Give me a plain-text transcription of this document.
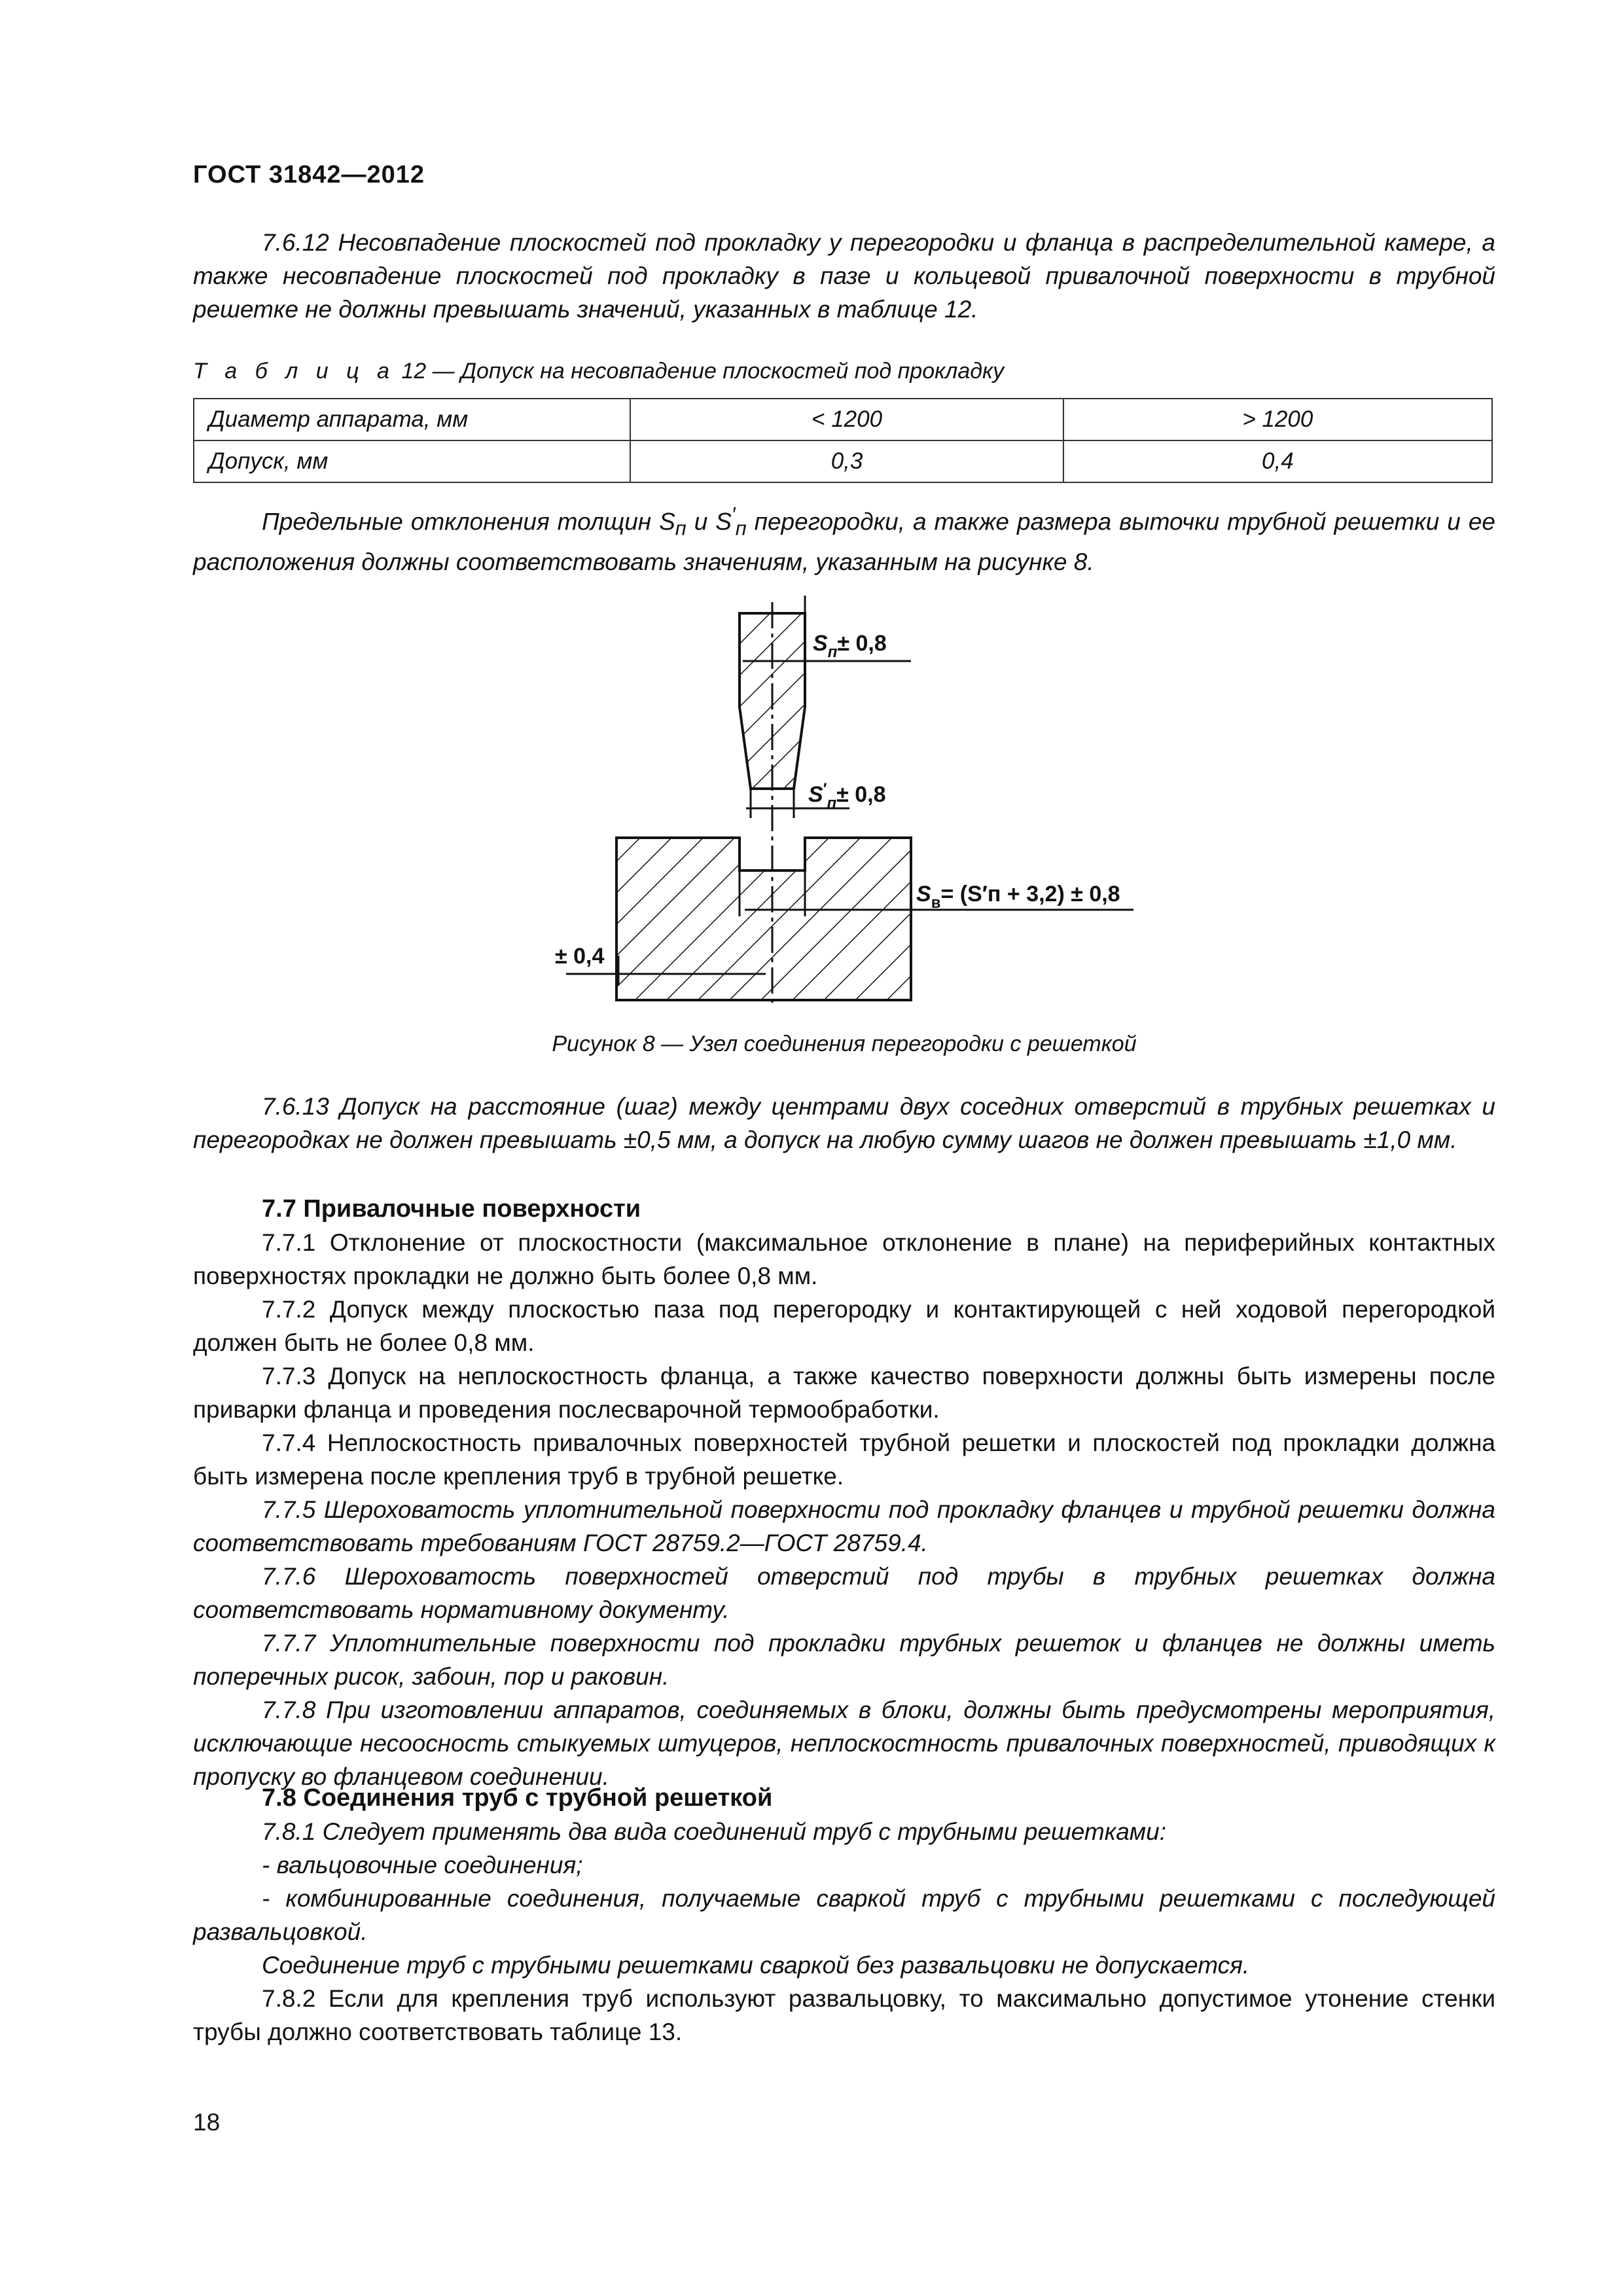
ГОСТ 31842—2012

7.6.12 Несовпадение плоскостей под прокладку у перегородки и фланца в распределительной камере, а также несовпадение плоскостей под прокладку в пазе и кольцевой привалочной поверхности в трубной решетке не должны превышать значений, указанных в таблице 12.

Т а б л и ц а 12 — Допуск на несовпадение плоскостей под прокладку
Диаметр аппарата, мм	< 1200	> 1200
Допуск, мм	0,3	0,4

Предельные отклонения толщин $S_п$ и $S'_п$ перегородки, а также размера выточки трубной решетки и ее расположения должны соответствовать значениям, указанным на рисунке 8.

$S_п\pm 0,8$
$S'_п\pm 0,8$
$S_в= (S'п + 3,2) \pm 0,8$
± 0,4
Рисунок 8 — Узел соединения перегородки с решеткой

7.6.13 Допуск на расстояние (шаг) между центрами двух соседних отверстий в трубных решетках и перегородках не должен превышать ±0,5 мм, а допуск на любую сумму шагов не должен превышать ±1,0 мм.

7.7 Привалочные поверхности

7.7.1 Отклонение от плоскостности (максимальное отклонение в плане) на периферийных контактных поверхностях прокладки не должно быть более 0,8 мм.

7.7.2 Допуск между плоскостью паза под перегородку и контактирующей с ней ходовой перегородкой должен быть не более 0,8 мм.

7.7.3 Допуск на неплоскостность фланца, а также качество поверхности должны быть измерены после приварки фланца и проведения послесварочной термообработки.

7.7.4 Неплоскостность привалочных поверхностей трубной решетки и плоскостей под прокладки должна быть измерена после крепления труб в трубной решетке.

7.7.5 Шероховатость уплотнительной поверхности под прокладку фланцев и трубной решетки должна соответствовать требованиям ГОСТ 28759.2—ГОСТ 28759.4.

7.7.6 Шероховатость поверхностей отверстий под трубы в трубных решетках должна соответствовать нормативному документу.

7.7.7 Уплотнительные поверхности под прокладки трубных решеток и фланцев не должны иметь поперечных рисок, забоин, пор и раковин.

7.7.8 При изготовлении аппаратов, соединяемых в блоки, должны быть предусмотрены мероприятия, исключающие несоосность стыкуемых штуцеров, неплоскостность привалочных поверхностей, приводящих к пропуску во фланцевом соединении.

7.8 Соединения труб с трубной решеткой

7.8.1 Следует применять два вида соединений труб с трубными решетками:

- вальцовочные соединения;

- комбинированные соединения, получаемые сваркой труб с трубными решетками с последующей развальцовкой.

Соединение труб с трубными решетками сваркой без развальцовки не допускается.

7.8.2 Если для крепления труб используют развальцовку, то максимально допустимое утонение стенки трубы должно соответствовать таблице 13.

18
